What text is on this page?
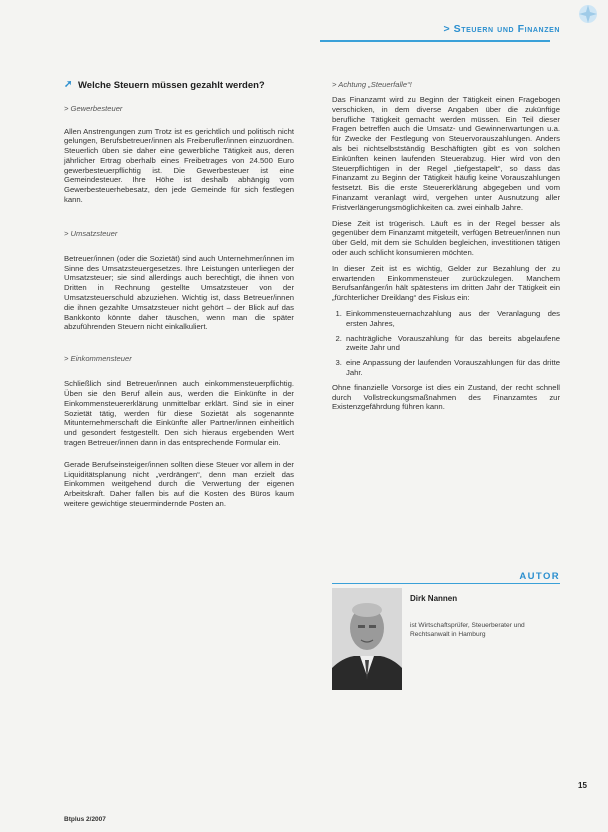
> Steuern und Finanzen
➚ Welche Steuern müssen gezahlt werden?

> Gewerbesteuer

Allen Anstrengungen zum Trotz ist es gerichtlich und politisch nicht gelungen, Berufsbetreuer/innen als Freiberufler/innen einzuordnen. Steuerlich üben sie daher eine gewerbliche Tätigkeit aus, deren jährlicher Ertrag oberhalb eines Freibetrages von 24.500 Euro gewerbesteuerpflichtig ist. Die Gewerbesteuer ist eine Gemeindesteuer. Ihre Höhe ist deshalb abhängig vom Gewerbesteuerhebesatz, den jede Gemeinde für sich festlegen kann.

> Umsatzsteuer

Betreuer/innen (oder die Sozietät) sind auch Unternehmer/innen im Sinne des Umsatzsteuergesetzes. Ihre Leistungen unterliegen der Umsatzsteuer; sie sind allerdings auch berechtigt, die ihnen von Dritten in Rechnung gestellte Umsatzsteuer von der Umsatzsteuerschuld abzuziehen. Wichtig ist, dass Betreuer/innen die ihnen gezahlte Umsatzsteuer nicht gehört – der Blick auf das Bankkonto könnte daher täuschen, wenn man die später abzuführenden Steuern nicht einkalkuliert.

> Einkommensteuer

Schließlich sind Betreuer/innen auch einkommensteuerpflichtig. Üben sie den Beruf allein aus, werden die Einkünfte in der Einkommensteuererklärung unmittelbar erklärt. Sind sie in einer Sozietät tätig, werden für diese Sozietät als sogenannte Mitunternehmerschaft die Einkünfte aller Partner/innen einheitlich und gesondert festgestellt. Den sich hieraus ergebenden Wert tragen Betreuer/innen dann in das entsprechende Formular ein.

Gerade Berufseinsteiger/innen sollten diese Steuer vor allem in der Liquiditätsplanung nicht „verdrängen“, denn man erzielt das Einkommen weitgehend durch die Verwertung der eigenen Arbeitskraft. Daher fallen bis auf die Kosten des Büros kaum weitere gewichtige steuermindernde Posten an.

> Achtung „Steuerfalle“!

Das Finanzamt wird zu Beginn der Tätigkeit einen Fragebogen verschicken, in dem diverse Angaben über die zukünftige berufliche Tätigkeit gemacht werden müssen. Ein Teil dieser Fragen betreffen auch die Umsatz- und Gewinnerwartungen u.a. für Zwecke der Festlegung von Steuervorauszahlungen. Anders als bei nichtselbstständig Beschäftigten gibt es von solchen Einkünften keinen laufenden Steuerabzug. Hier wird von den Steuerpflichtigen in der Regel „tiefgestapelt“, so dass das Finanzamt zu Beginn der Tätigkeit häufig keine Vorauszahlungen festsetzt. Bis die erste Steuererklärung abgegeben und vom Finanzamt veranlagt wird, vergehen unter Ausnutzung aller Fristverlängerungsmöglichkeiten ca. zwei einhalb Jahre.

Diese Zeit ist trügerisch. Läuft es in der Regel besser als gegenüber dem Finanzamt mitgeteilt, verfügen Betreuer/innen nun über Geld, mit dem sie Schulden begleichen, investitionen tätigen oder auch schlicht konsumieren möchten.

In dieser Zeit ist es wichtig, Gelder zur Bezahlung der zu erwartenden Einkommensteuer zurückzulegen. Manchem Berufsanfänger/in hält spätestens im dritten Jahr der Tätigkeit ein „fürchterlicher Dreiklang“ des Fiskus ein:

1. Einkommensteuernachzahlung aus der Veranlagung des ersten Jahres,
2. nachträgliche Vorauszahlung für das bereits abgelaufene zweite Jahr und
3. eine Anpassung der laufenden Vorauszahlungen für das dritte Jahr.

Ohne finanzielle Vorsorge ist dies ein Zustand, der recht schnell durch Vollstreckungsmaßnahmen des Finanzamtes zur Existenzgefährdung führen kann.

AUTOR
Dirk Nannen
ist Wirtschaftsprüfer, Steuerberater und Rechtsanwalt in Hamburg
Btplus 2/2007
15
